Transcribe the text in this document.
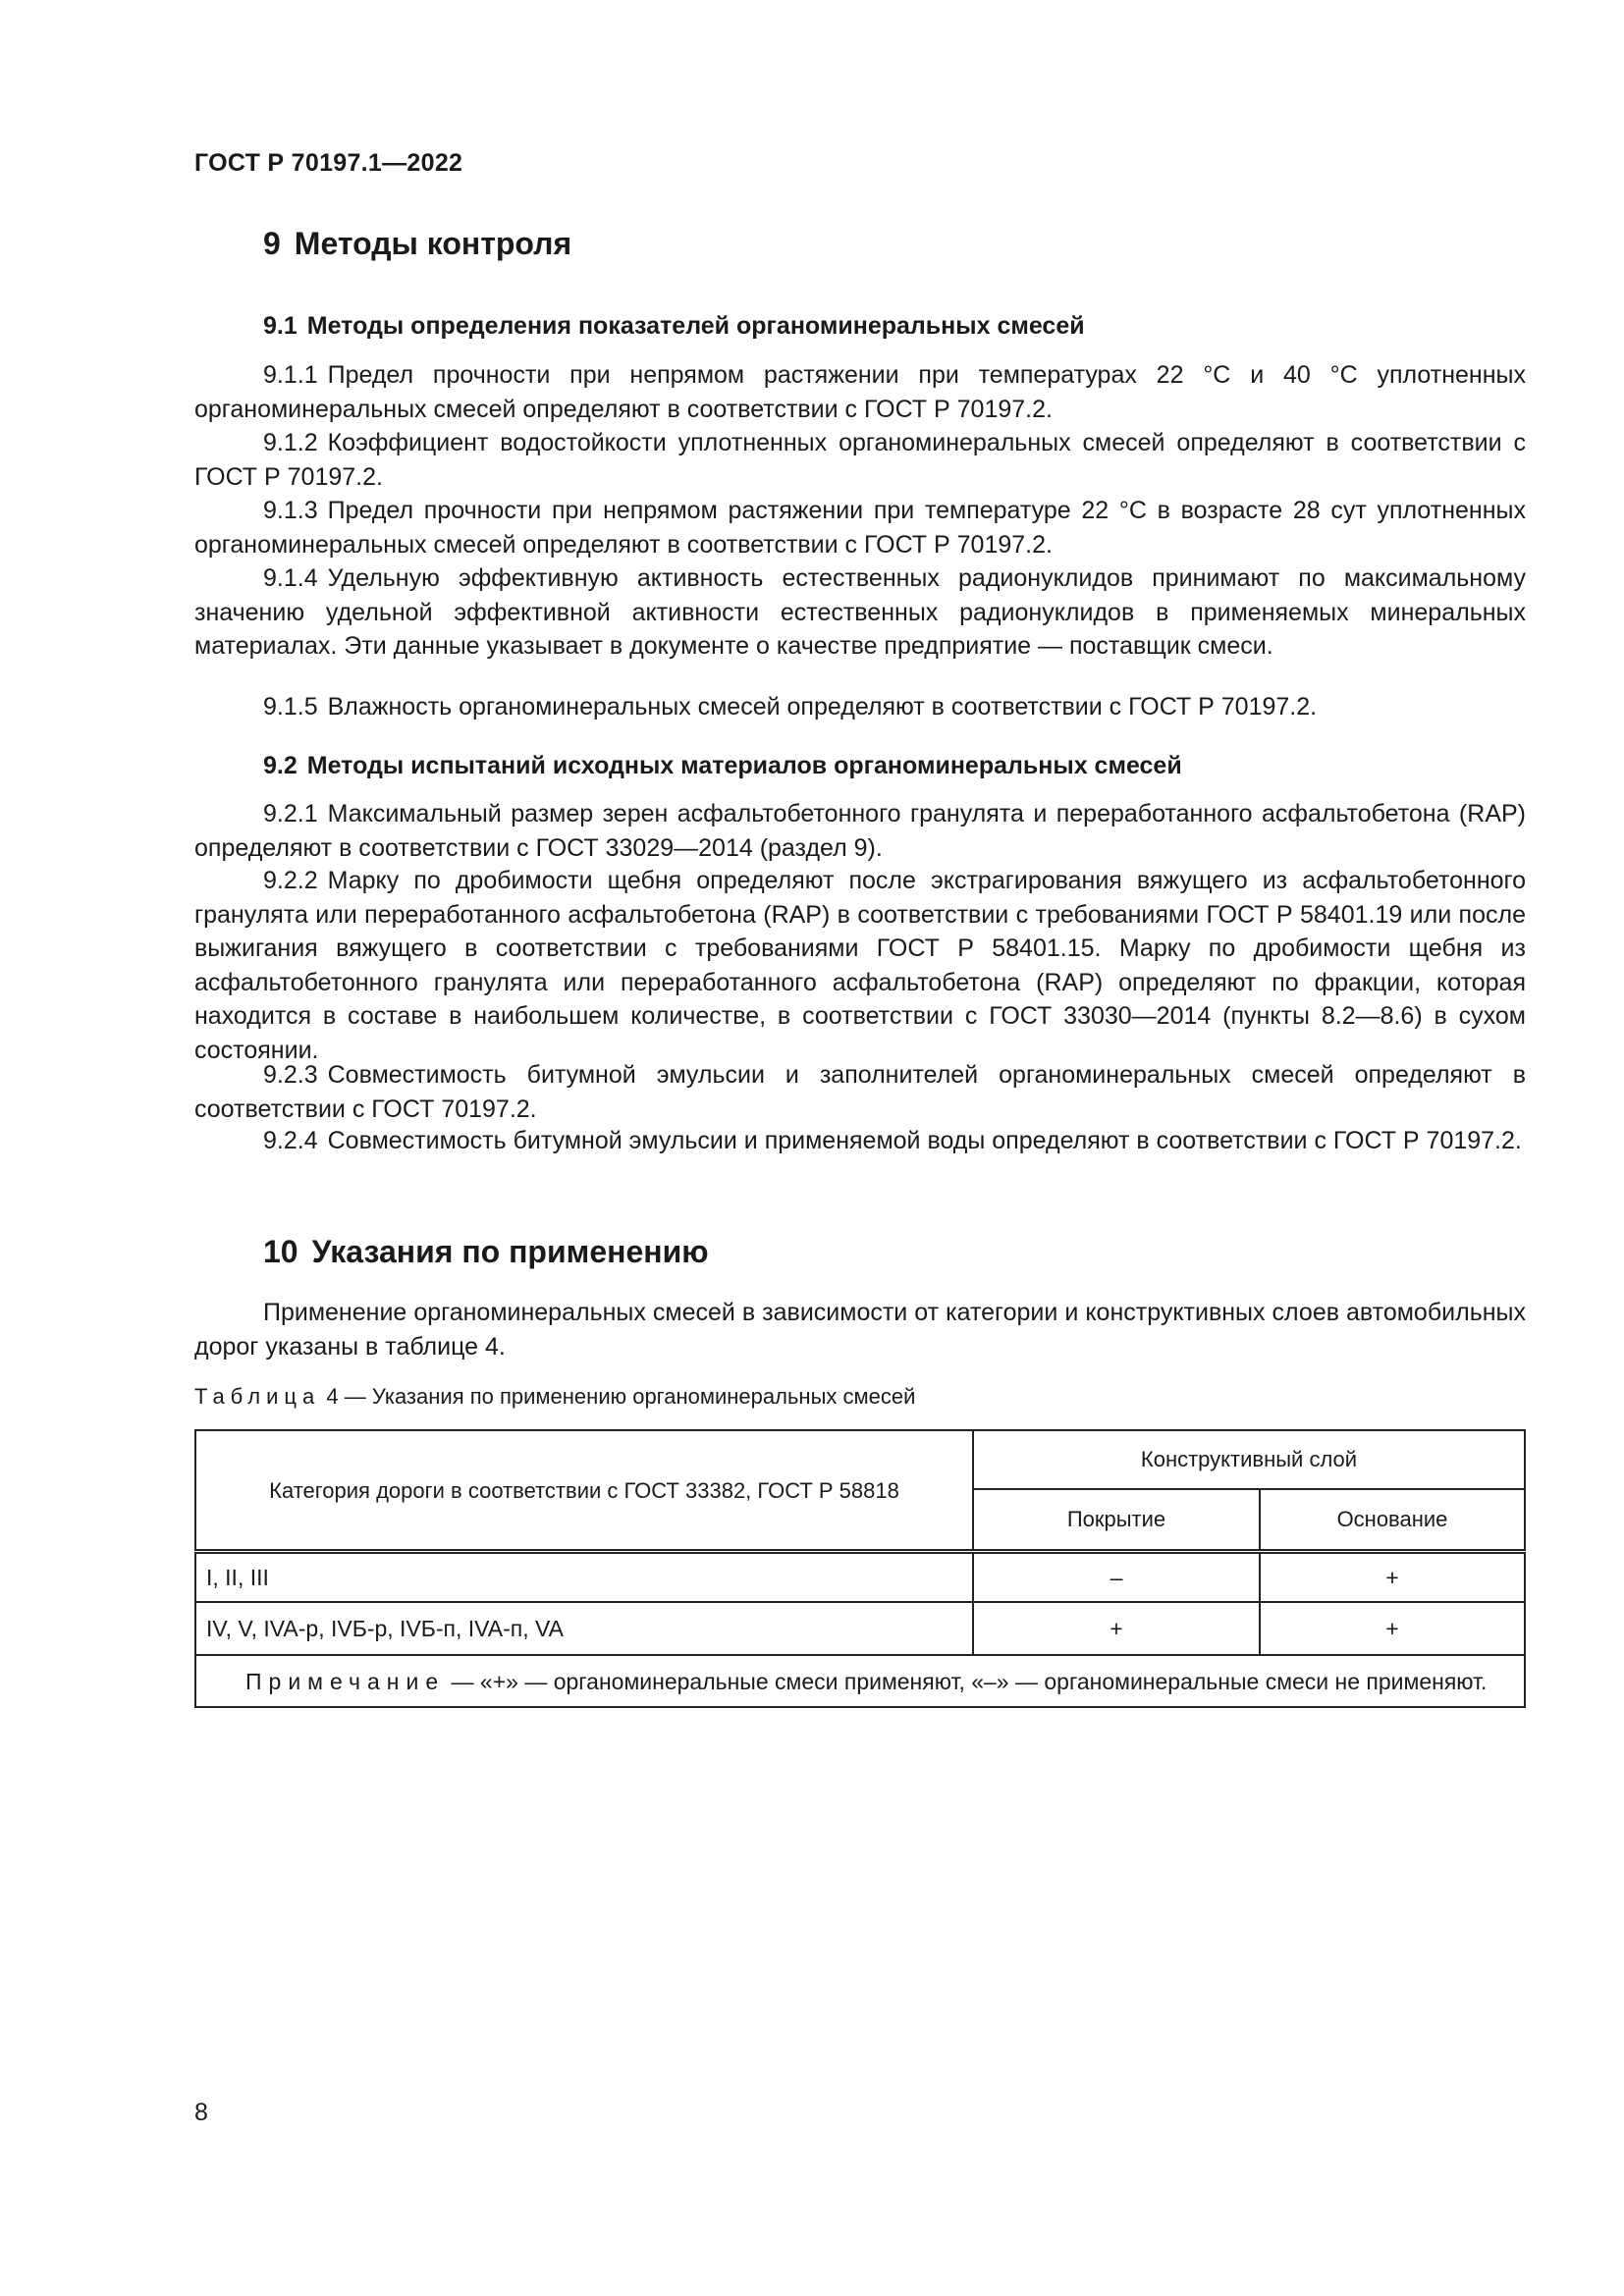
ГОСТ Р 70197.1—2022
9 Методы контроля
9.1 Методы определения показателей органоминеральных смесей

9.1.1 Предел прочности при непрямом растяжении при температурах 22 °С и 40 °С уплотненных органоминеральных смесей определяют в соответствии с ГОСТ Р 70197.2.

9.1.2 Коэффициент водостойкости уплотненных органоминеральных смесей определяют в соответствии с ГОСТ Р 70197.2.

9.1.3 Предел прочности при непрямом растяжении при температуре 22 °С в возрасте 28 сут уплотненных органоминеральных смесей определяют в соответствии с ГОСТ Р 70197.2.

9.1.4 Удельную эффективную активность естественных радионуклидов принимают по максимальному значению удельной эффективной активности естественных радионуклидов в применяемых минеральных материалах. Эти данные указывает в документе о качестве предприятие — поставщик смеси.

9.1.5 Влажность органоминеральных смесей определяют в соответствии с ГОСТ Р 70197.2.

9.2 Методы испытаний исходных материалов органоминеральных смесей

9.2.1 Максимальный размер зерен асфальтобетонного гранулята и переработанного асфальтобетона (RAP) определяют в соответствии с ГОСТ 33029—2014 (раздел 9).

9.2.2 Марку по дробимости щебня определяют после экстрагирования вяжущего из асфальтобетонного гранулята или переработанного асфальтобетона (RAP) в соответствии с требованиями ГОСТ Р 58401.19 или после выжигания вяжущего в соответствии с требованиями ГОСТ Р 58401.15. Марку по дробимости щебня из асфальтобетонного гранулята или переработанного асфальтобетона (RAP) определяют по фракции, которая находится в составе в наибольшем количестве, в соответствии с ГОСТ 33030—2014 (пункты 8.2—8.6) в сухом состоянии.

9.2.3 Совместимость битумной эмульсии и заполнителей органоминеральных смесей определяют в соответствии с ГОСТ 70197.2.

9.2.4 Совместимость битумной эмульсии и применяемой воды определяют в соответствии с ГОСТ Р 70197.2.

10 Указания по применению

Применение органоминеральных смесей в зависимости от категории и конструктивных слоев автомобильных дорог указаны в таблице 4.

Таблица 4 — Указания по применению органоминеральных смесей
Категория дороги в соответствии с ГОСТ 33382, ГОСТ Р 58818	Конструктивный слой	
	Покрытие	Основание
I, II, III	–	+
IV, V, IVA-р, IVБ-р, IVБ-п, IVA-п, VA	+	+
Примечание — «+» — органоминеральные смеси применяют, «–» — органоминеральные смеси не применяют.		
8
